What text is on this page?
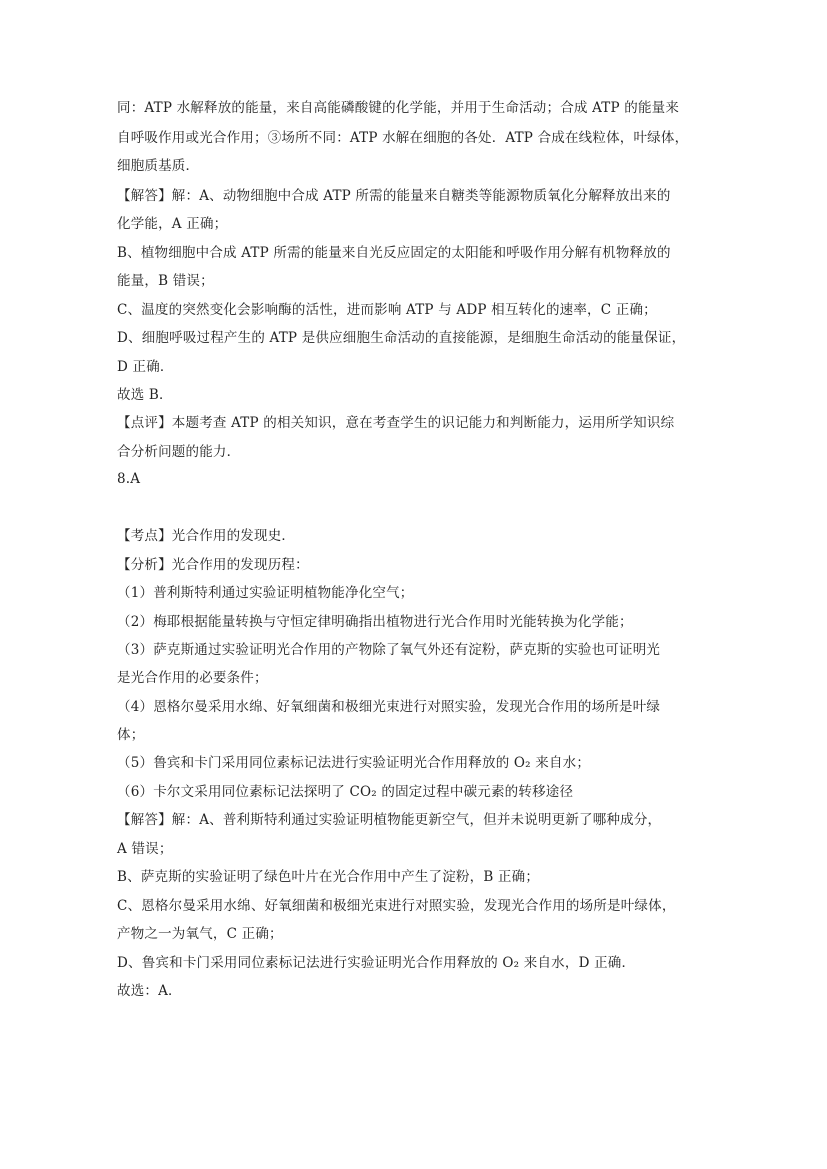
同：ATP 水解释放的能量，来自高能磷酸键的化学能，并用于生命活动；合成 ATP 的能量来
自呼吸作用或光合作用；③场所不同：ATP 水解在细胞的各处．ATP 合成在线粒体，叶绿体，
细胞质基质．
【解答】解：A、动物细胞中合成 ATP 所需的能量来自糖类等能源物质氧化分解释放出来的
化学能，A 正确；
B、植物细胞中合成 ATP 所需的能量来自光反应固定的太阳能和呼吸作用分解有机物释放的
能量，B 错误；
C、温度的突然变化会影响酶的活性，进而影响 ATP 与 ADP 相互转化的速率，C 正确；
D、细胞呼吸过程产生的 ATP 是供应细胞生命活动的直接能源，是细胞生命活动的能量保证，
D 正确．
故选 B．
【点评】本题考查 ATP 的相关知识，意在考查学生的识记能力和判断能力，运用所学知识综
合分析问题的能力．
8.A
【考点】光合作用的发现史．
【分析】光合作用的发现历程：
（1）普利斯特利通过实验证明植物能净化空气；
（2）梅耶根据能量转换与守恒定律明确指出植物进行光合作用时光能转换为化学能；
（3）萨克斯通过实验证明光合作用的产物除了氧气外还有淀粉，萨克斯的实验也可证明光
是光合作用的必要条件；
（4）恩格尔曼采用水绵、好氧细菌和极细光束进行对照实验，发现光合作用的场所是叶绿
体；
（5）鲁宾和卡门采用同位素标记法进行实验证明光合作用释放的 O₂ 来自水；
（6）卡尔文采用同位素标记法探明了 CO₂ 的固定过程中碳元素的转移途径
【解答】解：A、普利斯特利通过实验证明植物能更新空气，但并未说明更新了哪种成分，
A 错误；
B、萨克斯的实验证明了绿色叶片在光合作用中产生了淀粉，B 正确；
C、恩格尔曼采用水绵、好氧细菌和极细光束进行对照实验，发现光合作用的场所是叶绿体，
产物之一为氧气，C 正确；
D、鲁宾和卡门采用同位素标记法进行实验证明光合作用释放的 O₂ 来自水，D 正确．
故选：A．
